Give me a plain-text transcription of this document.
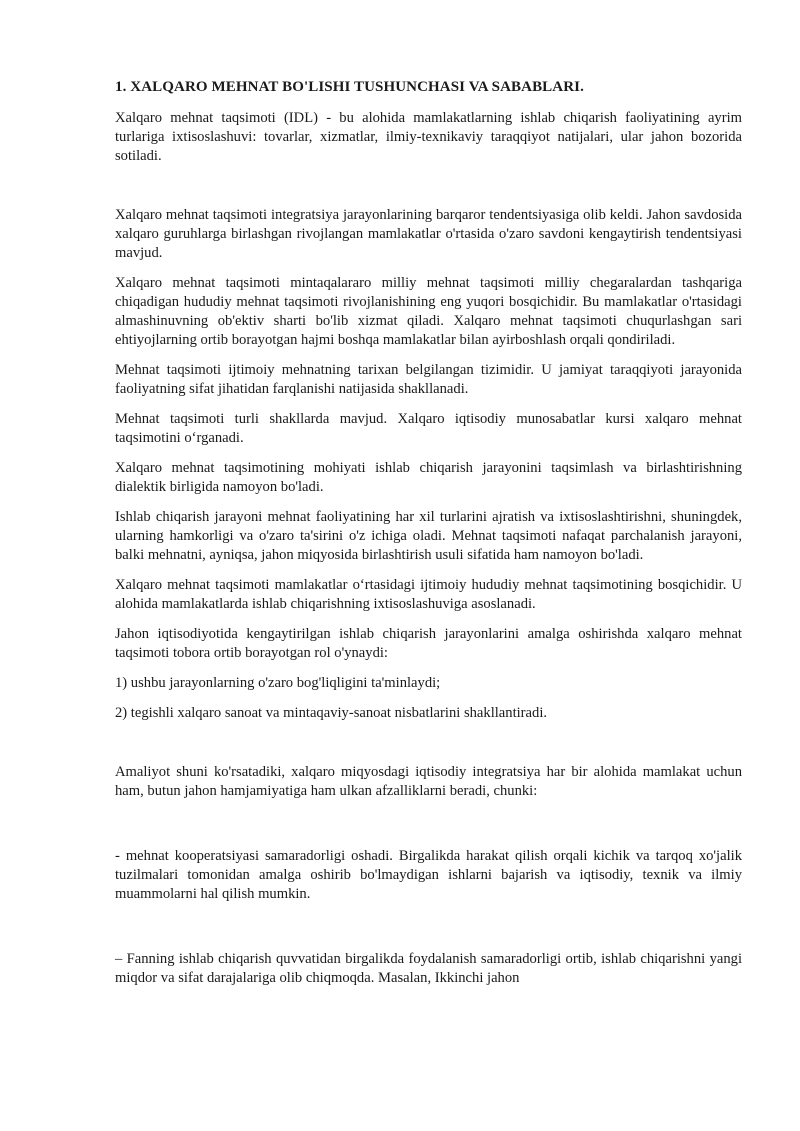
1. XALQARO MEHNAT BO'LISHI TUSHUNCHASI VA SABABLARI.

Xalqaro mehnat taqsimoti (IDL) - bu alohida mamlakatlarning ishlab chiqarish faoliyatining ayrim turlariga ixtisoslashuvi: tovarlar, xizmatlar, ilmiy-texnikaviy taraqqiyot natijalari, ular jahon bozorida sotiladi.

Xalqaro mehnat taqsimoti integratsiya jarayonlarining barqaror tendentsiyasiga olib keldi. Jahon savdosida xalqaro guruhlarga birlashgan rivojlangan mamlakatlar o'rtasida o'zaro savdoni kengaytirish tendentsiyasi mavjud.

Xalqaro mehnat taqsimoti mintaqalararo milliy mehnat taqsimoti milliy chegaralardan tashqariga chiqadigan hududiy mehnat taqsimoti rivojlanishining eng yuqori bosqichidir. Bu mamlakatlar o'rtasidagi almashinuvning ob'ektiv sharti bo'lib xizmat qiladi. Xalqaro mehnat taqsimoti chuqurlashgan sari ehtiyojlarning ortib borayotgan hajmi boshqa mamlakatlar bilan ayirboshlash orqali qondiriladi.

Mehnat taqsimoti ijtimoiy mehnatning tarixan belgilangan tizimidir. U jamiyat taraqqiyoti jarayonida faoliyatning sifat jihatidan farqlanishi natijasida shakllanadi.

Mehnat taqsimoti turli shakllarda mavjud. Xalqaro iqtisodiy munosabatlar kursi xalqaro mehnat taqsimotini o‘rganadi.

Xalqaro mehnat taqsimotining mohiyati ishlab chiqarish jarayonini taqsimlash va birlashtirishning dialektik birligida namoyon bo'ladi.

Ishlab chiqarish jarayoni mehnat faoliyatining har xil turlarini ajratish va ixtisoslashtirishni, shuningdek, ularning hamkorligi va o'zaro ta'sirini o'z ichiga oladi. Mehnat taqsimoti nafaqat parchalanish jarayoni, balki mehnatni, ayniqsa, jahon miqyosida birlashtirish usuli sifatida ham namoyon bo'ladi.

Xalqaro mehnat taqsimoti mamlakatlar o‘rtasidagi ijtimoiy hududiy mehnat taqsimotining bosqichidir. U alohida mamlakatlarda ishlab chiqarishning ixtisoslashuviga asoslanadi.

Jahon iqtisodiyotida kengaytirilgan ishlab chiqarish jarayonlarini amalga oshirishda xalqaro mehnat taqsimoti tobora ortib borayotgan rol o'ynaydi:

1) ushbu jarayonlarning o'zaro bog'liqligini ta'minlaydi;

2) tegishli xalqaro sanoat va mintaqaviy-sanoat nisbatlarini shakllantiradi.

Amaliyot shuni ko'rsatadiki, xalqaro miqyosdagi iqtisodiy integratsiya har bir alohida mamlakat uchun ham, butun jahon hamjamiyatiga ham ulkan afzalliklarni beradi, chunki:

- mehnat kooperatsiyasi samaradorligi oshadi. Birgalikda harakat qilish orqali kichik va tarqoq xo'jalik tuzilmalari tomonidan amalga oshirib bo'lmaydigan ishlarni bajarish va iqtisodiy, texnik va ilmiy muammolarni hal qilish mumkin.

– Fanning ishlab chiqarish quvvatidan birgalikda foydalanish samaradorligi ortib, ishlab chiqarishni yangi miqdor va sifat darajalariga olib chiqmoqda. Masalan, Ikkinchi jahon
